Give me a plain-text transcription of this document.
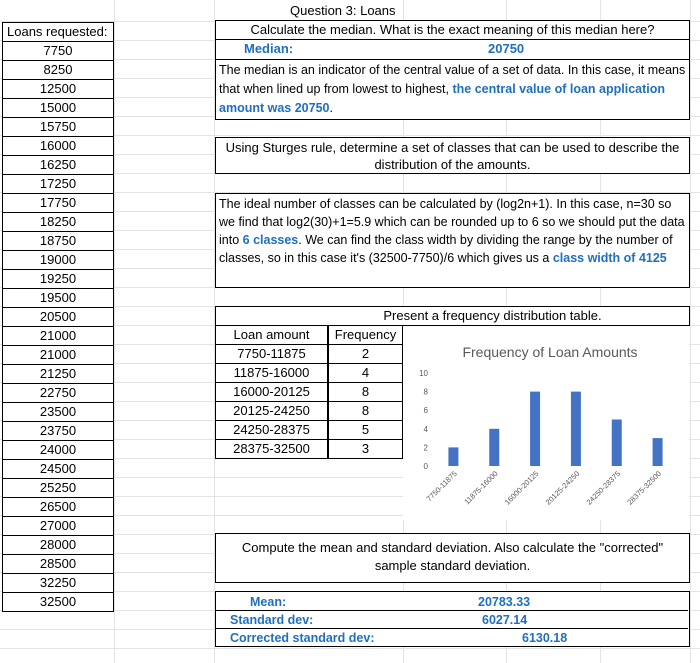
Loans requested:
7750
8250
12500
15000
15750
16000
16250
17250
17750
18250
18750
19000
19250
19500
20500
21000
21000
21250
22750
23500
23750
24000
24500
25250
26500
27000
28000
28500
32250
32500
Question 3: Loans
Calculate the median. What is the exact meaning of this median here?
Median:	20750
The median is an indicator of the central value of a set of data. In this case, it means that when lined up from lowest to highest, the central value of loan application amount was 20750.
Using Sturges rule, determine a set of classes that can be used to describe the distribution of the amounts.
The ideal number of classes can be calculated by (log2n+1). In this case, n=30 so we find that log2(30)+1=5.9 which can be rounded up to 6 so we should put the data into 6 classes. We can find the class width by dividing the range by the number of classes, so in this case it's (32500-7750)/6 which gives us a class width of 4125
Present a frequency distribution table.
Loan amount	Frequency
7750-11875	2
11875-16000	4
16000-20125	8
20125-24250	8
24250-28375	5
28375-32500	3
Frequency of Loan Amounts
0
2
4
6
8
10
7750-11875 11875-16000 16000-20125 20125-24250 24250-28375 28375-32500
Compute the mean and standard deviation. Also calculate the "corrected" sample standard deviation.
Mean:	20783.33
Standard dev:	6027.14
Corrected standard dev:	6130.18
